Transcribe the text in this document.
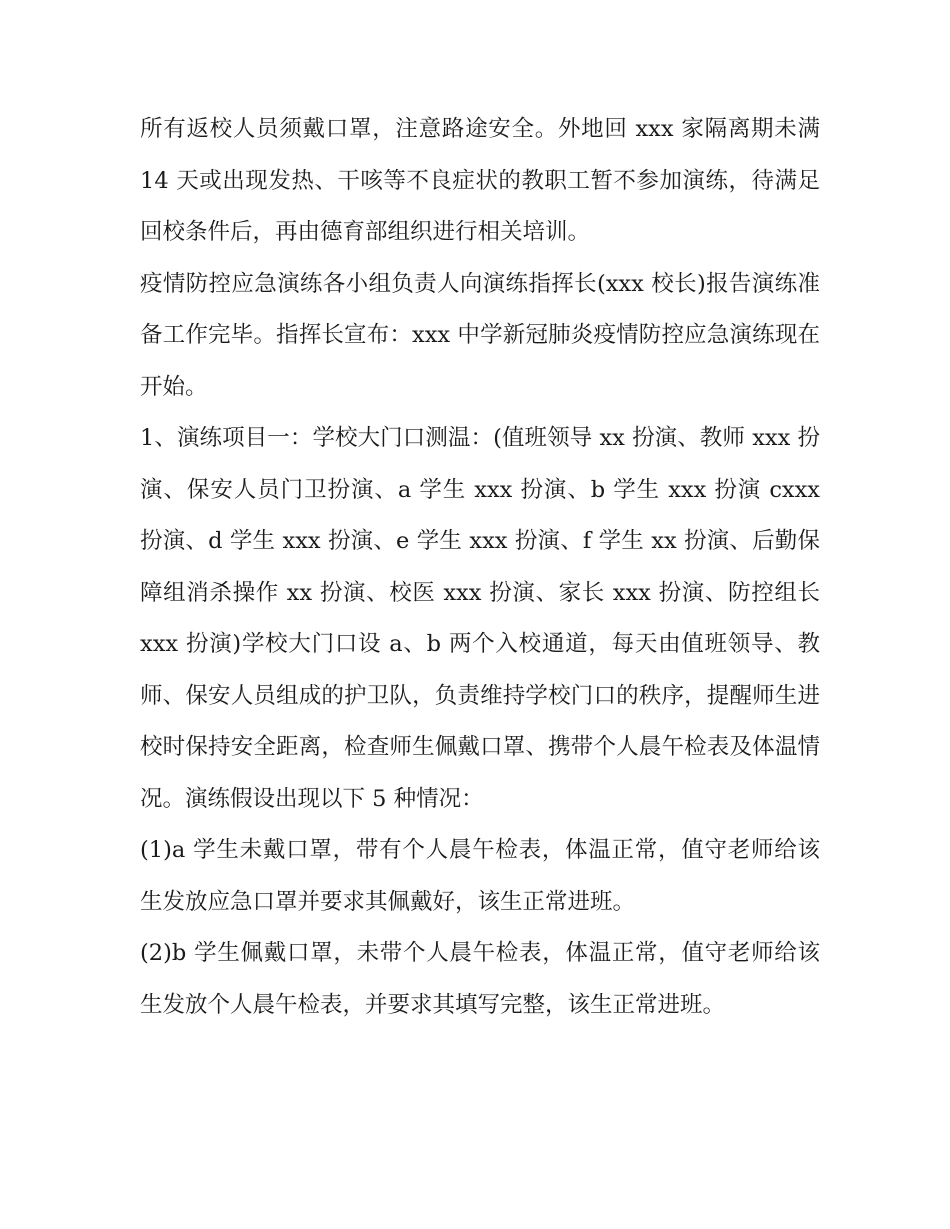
所有返校人员须戴口罩，注意路途安全。外地回 xxx 家隔离期未满 14 天或出现发热、干咳等不良症状的教职工暂不参加演练，待满足回校条件后，再由德育部组织进行相关培训。

疫情防控应急演练各小组负责人向演练指挥长(xxx 校长)报告演练准备工作完毕。指挥长宣布：xxx 中学新冠肺炎疫情防控应急演练现在开始。

1、演练项目一：学校大门口测温：(值班领导 xx 扮演、教师 xxx 扮演、保安人员门卫扮演、a 学生 xxx 扮演、b 学生 xxx 扮演 cxxx 扮演、d 学生 xxx 扮演、e 学生 xxx 扮演、f 学生 xx 扮演、后勤保障组消杀操作 xx 扮演、校医 xxx 扮演、家长 xxx 扮演、防控组长 xxx 扮演)学校大门口设 a、b 两个入校通道，每天由值班领导、教师、保安人员组成的护卫队，负责维持学校门口的秩序，提醒师生进校时保持安全距离，检查师生佩戴口罩、携带个人晨午检表及体温情况。演练假设出现以下 5 种情况：

(1)a 学生未戴口罩，带有个人晨午检表，体温正常，值守老师给该生发放应急口罩并要求其佩戴好，该生正常进班。

(2)b 学生佩戴口罩，未带个人晨午检表，体温正常，值守老师给该生发放个人晨午检表，并要求其填写完整，该生正常进班。
